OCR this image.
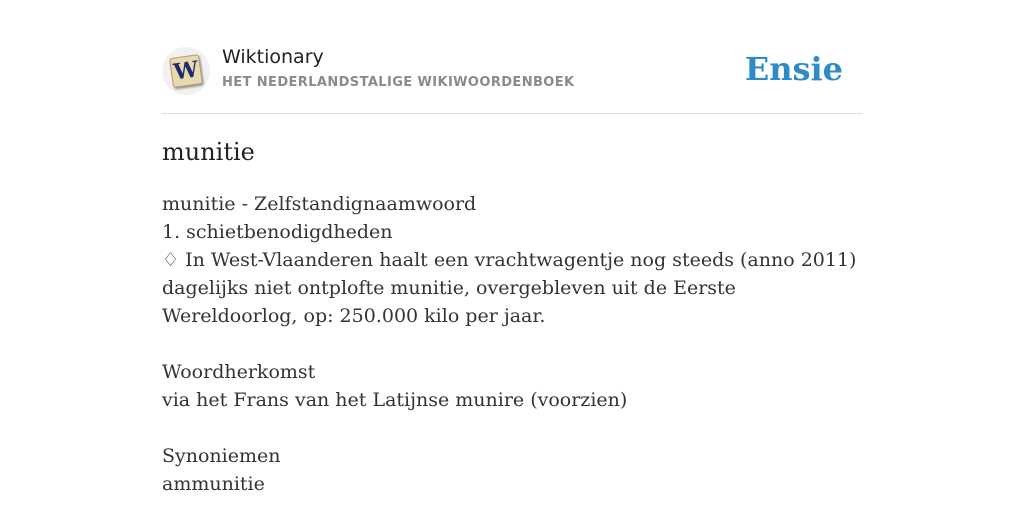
W Wiktionary
HET NEDERLANDSTALIGE WIKIWOORDENBOEK	Ensie
munitie

munitie - Zelfstandignaamwoord

1. schietbenodigdheden

♢ In West-Vlaanderen haalt een vrachtwagentje nog steeds (anno 2011) dagelijks niet ontplofte munitie, overgebleven uit de Eerste Wereldoorlog, op: 250.000 kilo per jaar.

Woordherkomst

via het Frans van het Latijnse munire (voorzien)

Synoniemen

ammunitie
